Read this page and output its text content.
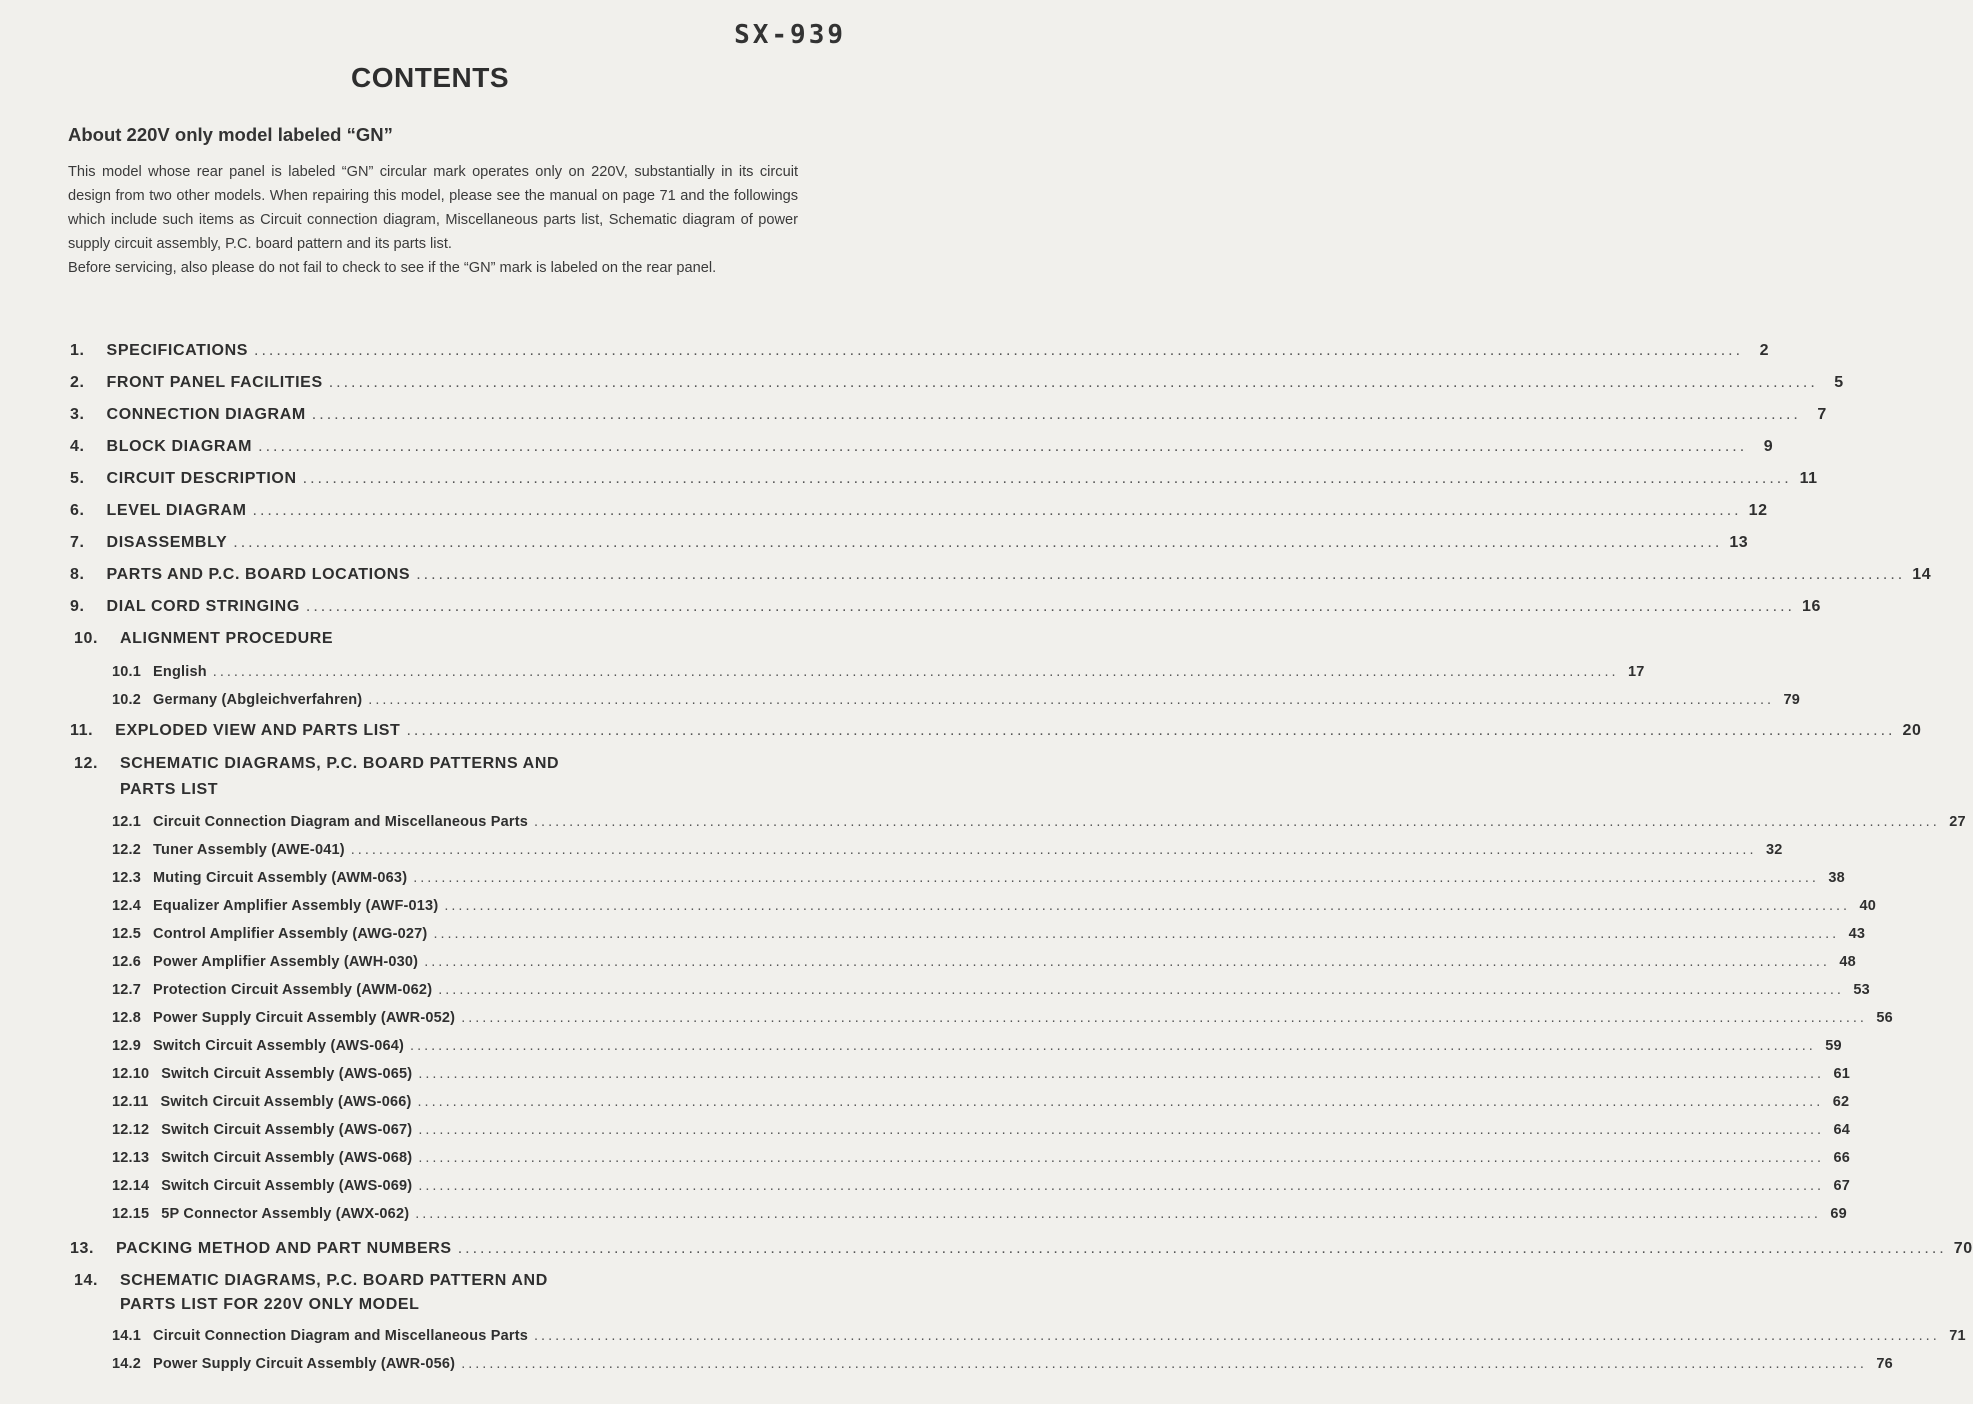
SX-939
CONTENTS
About 220V only model labeled “GN”

This model whose rear panel is labeled “GN” circular mark operates only on 220V, substantially in its circuit design from two other models. When repairing this model, please see the manual on page 71 and the followings which include such items as Circuit connection diagram, Miscellaneous parts list, Schematic diagram of power supply circuit assembly, P.C. board pattern and its parts list.

Before servicing, also please do not fail to check to see if the “GN” mark is labeled on the rear panel.

1.	SPECIFICATIONS ........................................................................................................................................................................................................	2
2.	FRONT PANEL FACILITIES ........................................................................................................................................................................................................	5
3.	CONNECTION DIAGRAM ........................................................................................................................................................................................................	7
4.	BLOCK DIAGRAM ........................................................................................................................................................................................................	9
5.	CIRCUIT DESCRIPTION ........................................................................................................................................................................................................ 11
6.	LEVEL DIAGRAM ........................................................................................................................................................................................................ 12
7.	DISASSEMBLY ........................................................................................................................................................................................................ 13
8.	PARTS AND P.C. BOARD LOCATIONS ........................................................................................................................................................................................................ 14
9.	DIAL CORD STRINGING ........................................................................................................................................................................................................ 16
10.	ALIGNMENT PROCEDURE
10.1 English ........................................................................................................................................................................................................ 17
10.2 Germany (Abgleichverfahren) ........................................................................................................................................................................................................ 79
11.	EXPLODED VIEW AND PARTS LIST ........................................................................................................................................................................................................ 20
12.	SCHEMATIC DIAGRAMS, P.C. BOARD PATTERNS AND
PARTS LIST
12.1 Circuit Connection Diagram and Miscellaneous Parts ........................................................................................................................................................................................................ 27
12.2 Tuner Assembly (AWE-041) ........................................................................................................................................................................................................ 32
12.3 Muting Circuit Assembly (AWM-063) ........................................................................................................................................................................................................ 38
12.4 Equalizer Amplifier Assembly (AWF-013) ........................................................................................................................................................................................................ 40
12.5 Control Amplifier Assembly (AWG-027) ........................................................................................................................................................................................................ 43
12.6 Power Amplifier Assembly (AWH-030) ........................................................................................................................................................................................................ 48
12.7 Protection Circuit Assembly (AWM-062) ........................................................................................................................................................................................................ 53
12.8 Power Supply Circuit Assembly (AWR-052) ........................................................................................................................................................................................................ 56
12.9 Switch Circuit Assembly (AWS-064) ........................................................................................................................................................................................................ 59
12.10 Switch Circuit Assembly (AWS-065) ........................................................................................................................................................................................................ 61
12.11 Switch Circuit Assembly (AWS-066) ........................................................................................................................................................................................................ 62
12.12 Switch Circuit Assembly (AWS-067) ........................................................................................................................................................................................................ 64
12.13 Switch Circuit Assembly (AWS-068) ........................................................................................................................................................................................................ 66
12.14 Switch Circuit Assembly (AWS-069) ........................................................................................................................................................................................................ 67
12.15 5P Connector Assembly (AWX-062) ........................................................................................................................................................................................................ 69
13.	PACKING METHOD AND PART NUMBERS ........................................................................................................................................................................................................ 70
14.	SCHEMATIC DIAGRAMS, P.C. BOARD PATTERN AND
PARTS LIST FOR 220V ONLY MODEL
14.1 Circuit Connection Diagram and Miscellaneous Parts ........................................................................................................................................................................................................ 71
14.2 Power Supply Circuit Assembly (AWR-056) ........................................................................................................................................................................................................ 76
